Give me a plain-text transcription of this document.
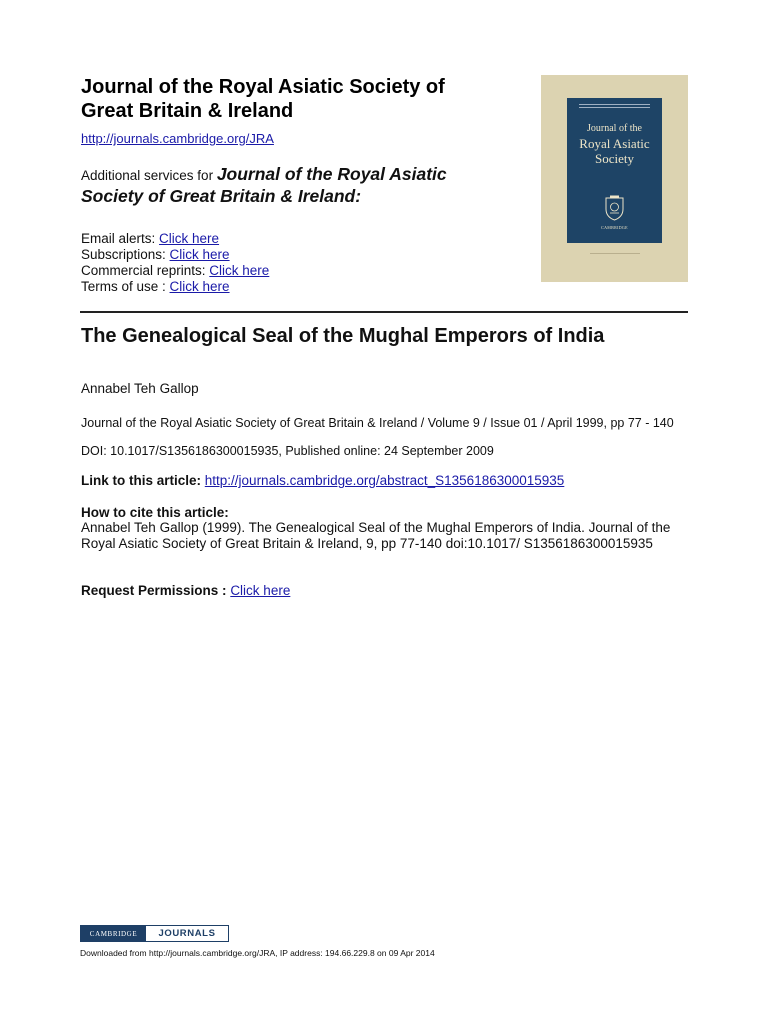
Journal of the Royal Asiatic Society of
Great Britain & Ireland
http://journals.cambridge.org/JRA
Additional services for Journal of the Royal Asiatic
Society of Great Britain & Ireland:
Email alerts: Click here
Subscriptions: Click here
Commercial reprints: Click here
Terms of use : Click here
Journal of the
Royal Asiatic
Society
CAMBRIDGE
The Genealogical Seal of the Mughal Emperors of India
Annabel Teh Gallop
Journal of the Royal Asiatic Society of Great Britain & Ireland / Volume 9 / Issue 01 / April 1999, pp 77 - 140
DOI: 10.1017/S1356186300015935, Published online: 24 September 2009
Link to this article: http://journals.cambridge.org/abstract_S1356186300015935
How to cite this article:
Annabel Teh Gallop (1999). The Genealogical Seal of the Mughal Emperors of India. Journal of the Royal Asiatic Society of Great Britain & Ireland, 9, pp 77-140 doi:10.1017/ S1356186300015935
Request Permissions : Click here
CAMBRIDGE	JOURNALS
Downloaded from http://journals.cambridge.org/JRA, IP address: 194.66.229.8 on 09 Apr 2014
